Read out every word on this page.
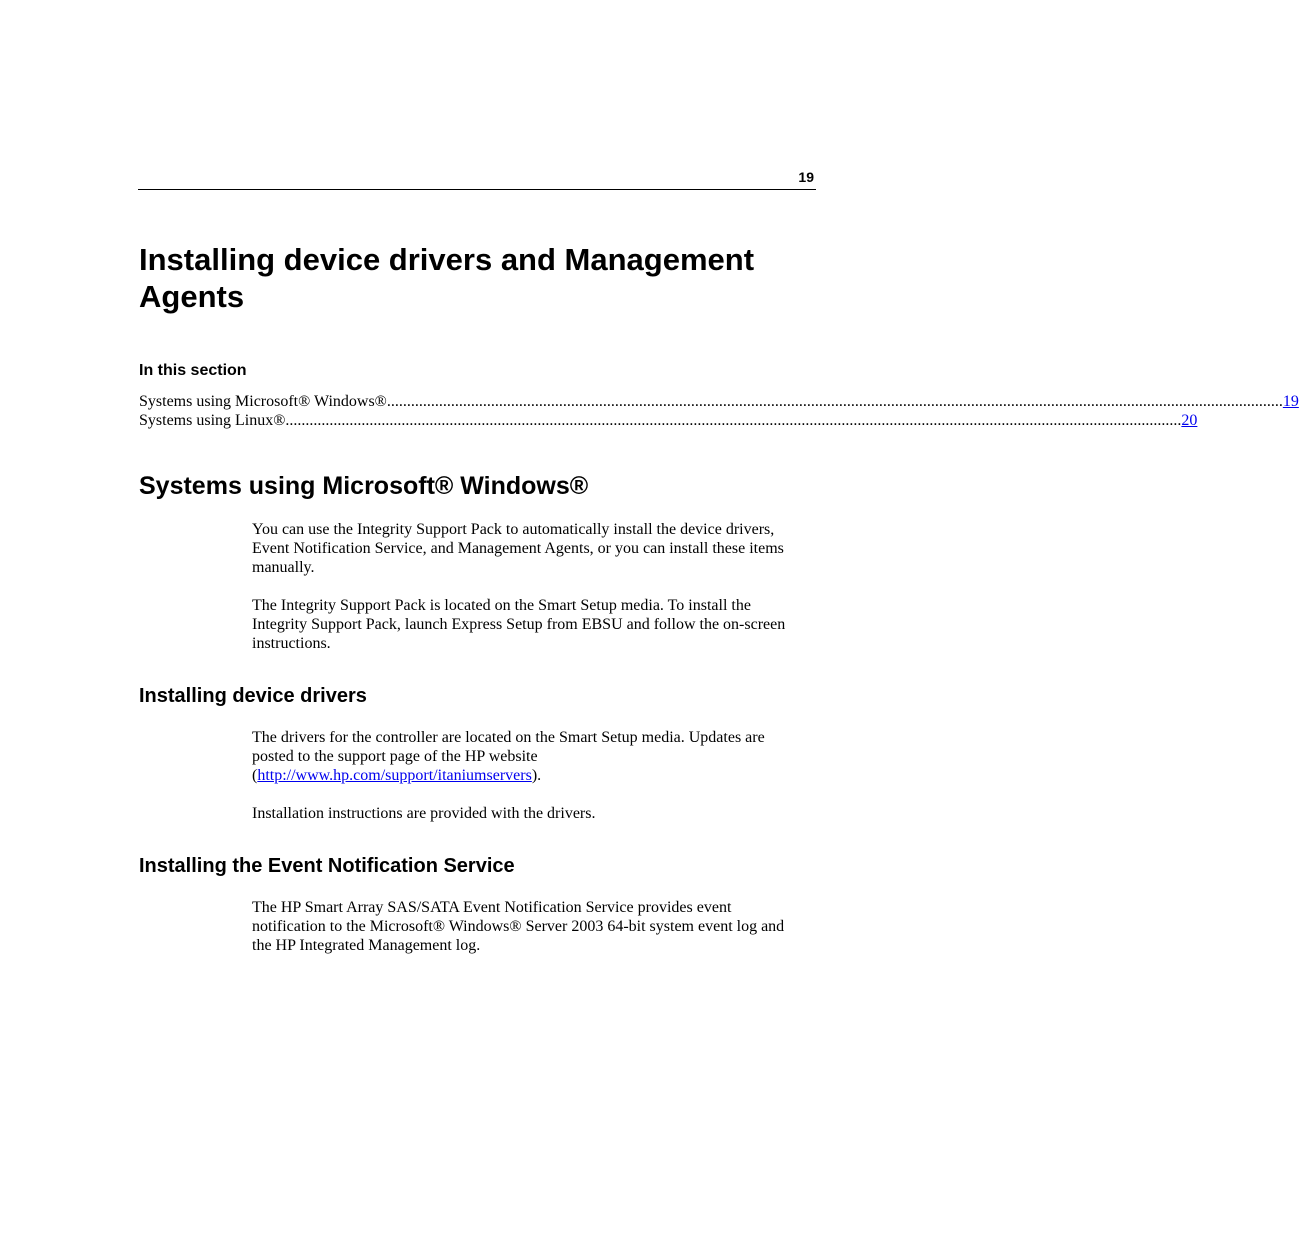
19
Installing device drivers and Management Agents
In this section
Systems using Microsoft® Windows® ................................................................................................................................................................................................................................ 19
Systems using Linux® ................................................................................................................................................................................................................................ 20
Systems using Microsoft® Windows®

You can use the Integrity Support Pack to automatically install the device drivers, Event Notification Service, and Management Agents, or you can install these items manually.

The Integrity Support Pack is located on the Smart Setup media. To install the Integrity Support Pack, launch Express Setup from EBSU and follow the on-screen instructions.

Installing device drivers

The drivers for the controller are located on the Smart Setup media. Updates are posted to the support page of the HP website (http://www.hp.com/support/itaniumservers).

Installation instructions are provided with the drivers.

Installing the Event Notification Service

The HP Smart Array SAS/SATA Event Notification Service provides event notification to the Microsoft® Windows® Server 2003 64-bit system event log and the HP Integrated Management log.
